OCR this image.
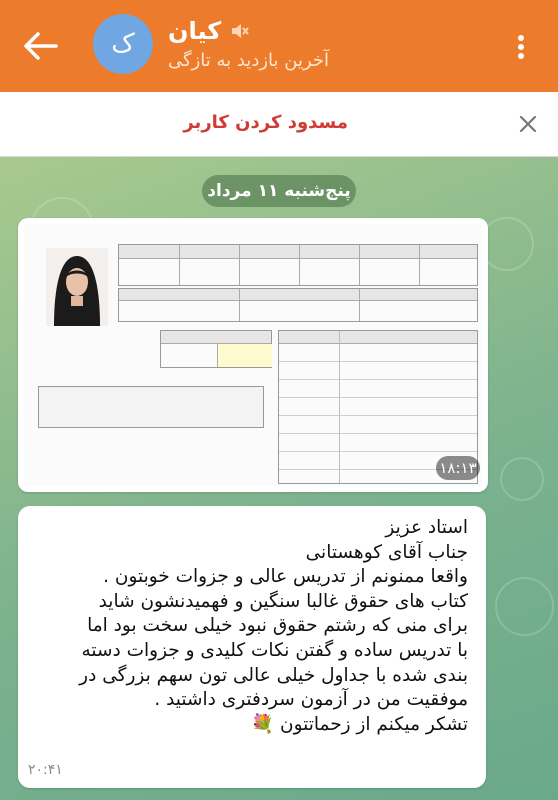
ک	کیان
آخرین بازدید به تازگی
مسدود کردن کاربر
پنج‌شنبه ۱۱ مرداد
۱۸:۱۳
استاد عزیز
جناب آقای کوهستانی
واقعا ممنونم از تدریس عالی و جزوات خوبتون .
کتاب های حقوق غالبا سنگین و فهمیدنشون شاید
برای منی که رشتم حقوق نبود خیلی سخت بود اما
با تدریس ساده و گفتن نکات کلیدی و جزوات دسته
بندی شده با جداول خیلی عالی تون سهم بزرگی در
موفقیت من در آزمون سردفتری داشتید .
تشکر میکنم از زحماتتون 💐
۲۰:۴۱
